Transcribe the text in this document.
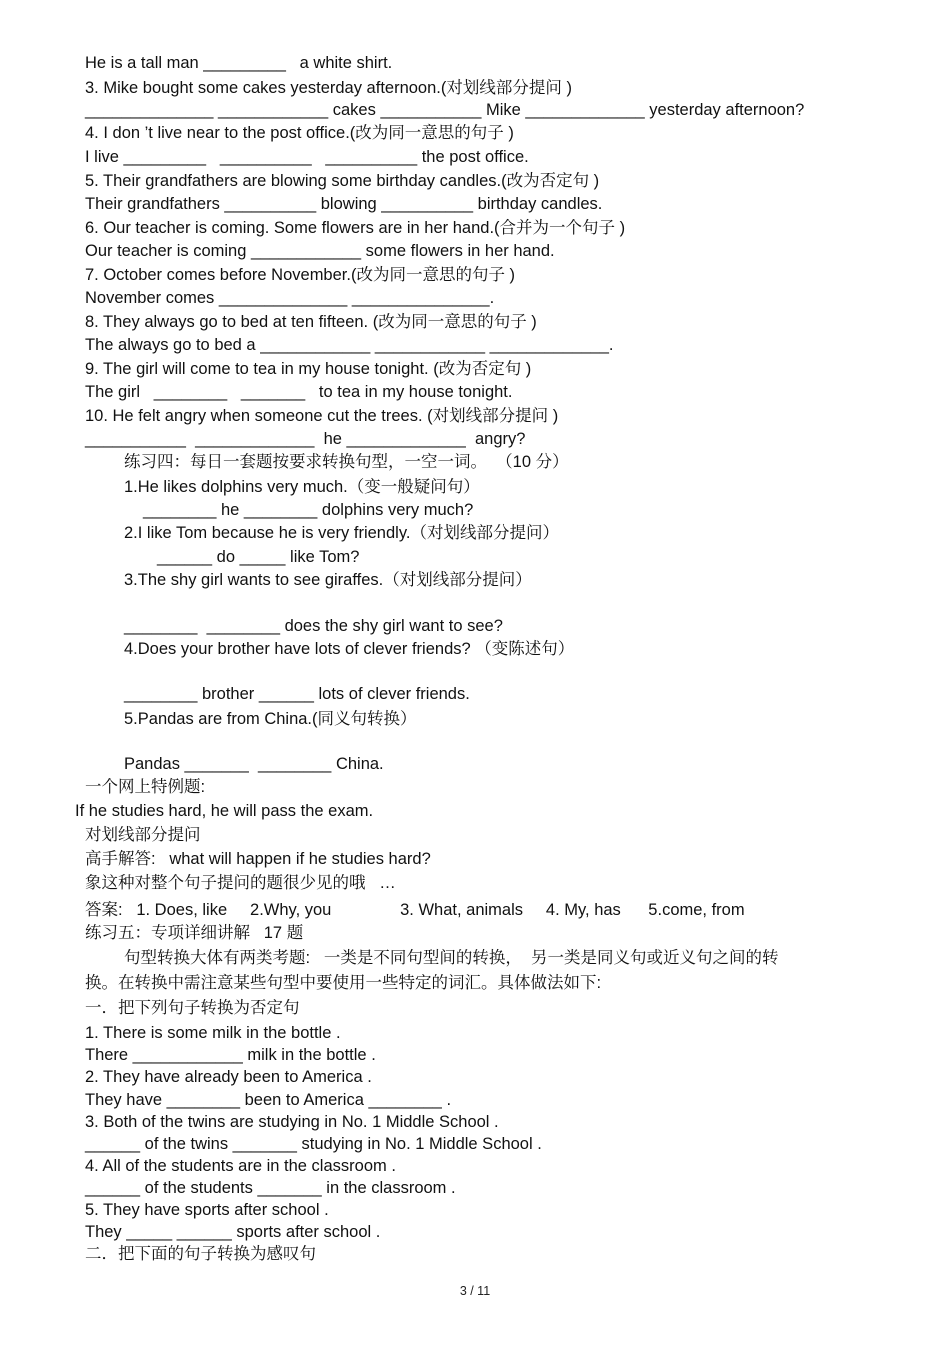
He is a tall man _________   a white shirt.
3. Mike bought some cakes yesterday afternoon.(对划线部分提问 )
______________ ____________ cakes ___________ Mike _____________ yesterday afternoon?
4. I don ’t live near to the post office.(改为同一意思的句子 )
I live _________   __________   __________ the post office.
5. Their grandfathers are blowing some birthday candles.(改为否定句 )
Their grandfathers __________ blowing __________ birthday candles.
6. Our teacher is coming. Some flowers are in her hand.(合并为一个句子 )
Our teacher is coming ____________ some flowers in her hand.
7. October comes before November.(改为同一意思的句子 )
November comes ______________ _______________.
8. They always go to bed at ten fifteen. (改为同一意思的句子 )
The always go to bed a ____________ ____________ _____________.
9. The girl will come to tea in my house tonight. (改为否定句 )
The girl   ________   _______   to tea in my house tonight.
10. He felt angry when someone cut the trees. (对划线部分提问 )
___________  _____________  he _____________  angry?
练习四：每日一套题按要求转换句型，一空一词。  （10 分）
1.He likes dolphins very much.（变一般疑问句）
________ he ________ dolphins very much?
2.I like Tom because he is very friendly.（对划线部分提问）
______ do _____ like Tom?
3.The shy girl wants to see giraffes.（对划线部分提问）
________  ________ does the shy girl want to see?
4.Does your brother have lots of clever friends? （变陈述句）
________ brother ______ lots of clever friends.
5.Pandas are from China.(同义句转换）
Pandas _______  ________ China.
一个网上特例题:
If he studies hard, he will pass the exam.
对划线部分提问
高手解答:   what will happen if he studies hard?
象这种对整个句子提问的题很少见的哦   …
答案:   1. Does, like     2.Why, you               3. What, animals     4. My, has      5.come, from
练习五：专项详细讲解   17 题
句型转换大体有两类考题:   一类是不同句型间的转换，  另一类是同义句或近义句之间的转
换。在转换中需注意某些句型中要使用一些特定的词汇。具体做法如下:
一．把下列句子转换为否定句
1. There is some milk in the bottle .
There ____________ milk in the bottle .
2. They have already been to America .
They have ________ been to America ________ .
3. Both of the twins are studying in No. 1 Middle School .
______ of the twins _______ studying in No. 1 Middle School .
4. All of the students are in the classroom .
______ of the students _______ in the classroom .
5. They have sports after school .
They _____ ______ sports after school .
二．把下面的句子转换为感叹句
3 / 11
